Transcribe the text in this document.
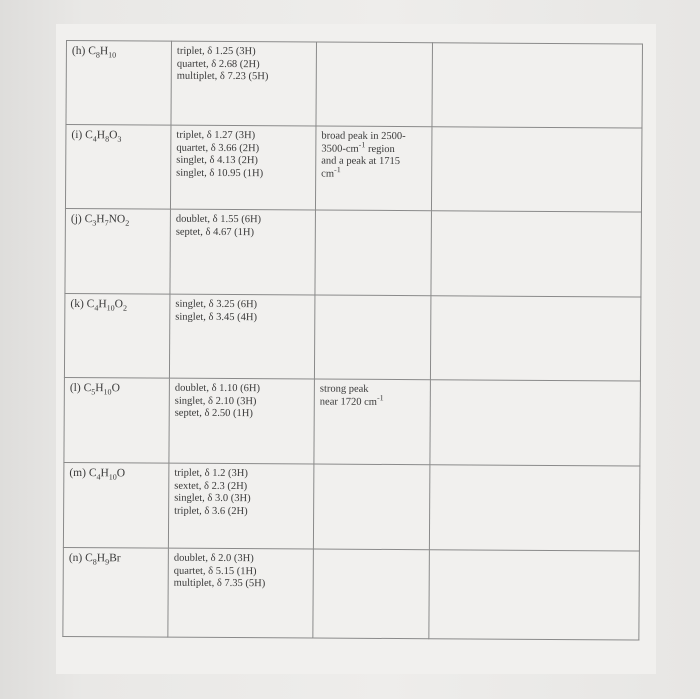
(h) $C_8H_{10}$	triplet, δ 1.25 (3H)
quartet, δ 2.68 (2H)
multiplet, δ 7.23 (5H)		

(i) $C_4H_8O_3$	triplet, δ 1.27 (3H)
quartet, δ 3.66 (2H)
singlet, δ 4.13 (2H)
singlet, δ 10.95 (1H)	broad peak in 2500-
$3500-cm^{-1}$ region
and a peak at 1715
$cm^{-1}$

(j) $C_3H_7NO_2$	doublet, δ 1.55 (6H)
septet, δ 4.67 (1H)		

(k) $C_4H_{10}O_2$	singlet, δ 3.25 (6H)
singlet, δ 3.45 (4H)		

(l) $C_5H_{10}O$	doublet, δ 1.10 (6H)
singlet, δ 2.10 (3H)
septet, δ 2.50 (1H)	strong peak
near 1720 $cm^{-1}$

(m) $C_4H_{10}O$	triplet, δ 1.2 (3H)
sextet, δ 2.3 (2H)
singlet, δ 3.0 (3H)
triplet, δ 3.6 (2H)		

(n) $C_8H_9Br$	doublet, δ 2.0 (3H)
quartet, δ 5.15 (1H)
multiplet, δ 7.35 (5H)		
